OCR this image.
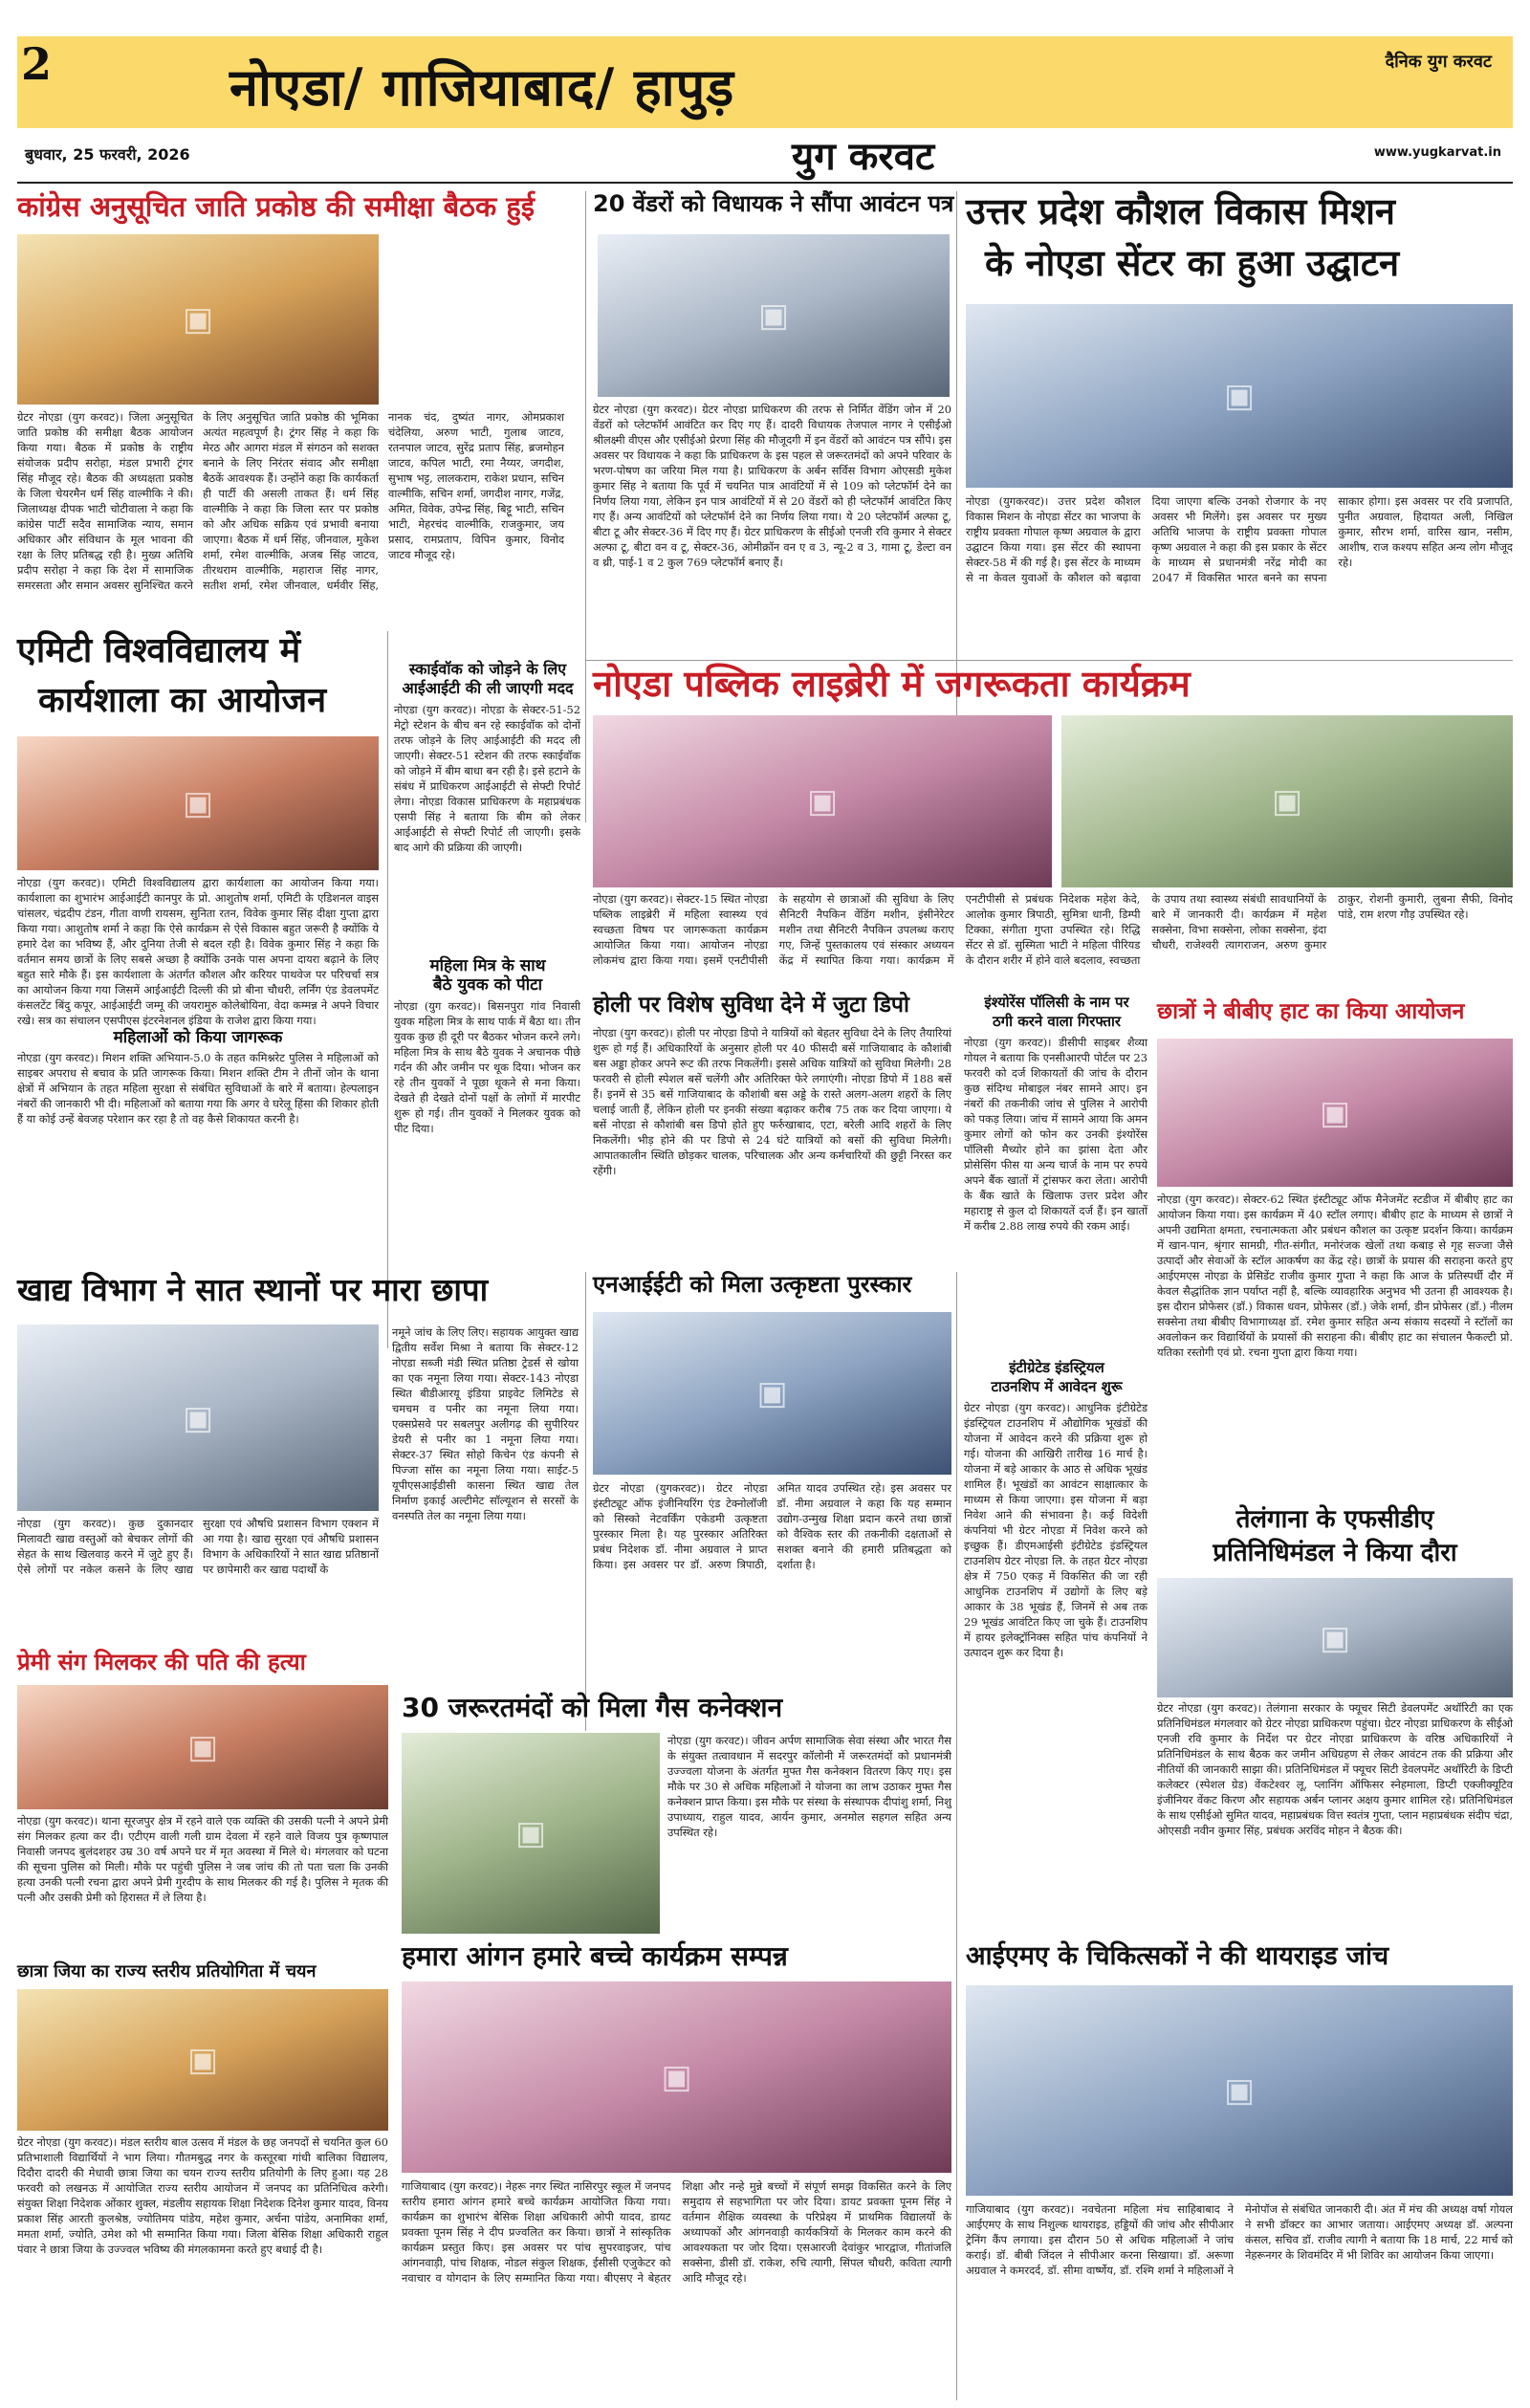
2	नोएडा/ गाजियाबाद/ हापुड़	दैनिक युग करवट
बुधवार, 25 फरवरी, 2026	युग करवट	www.yugkarvat.in
कांग्रेस अनुसूचित जाति प्रकोष्ठ की समीक्षा बैठक हुई
▣
ग्रेटर नोएडा (युग करवट)। जिला अनुसूचित जाति प्रकोष्ठ की समीक्षा बैठक आयोजन किया गया। बैठक में प्रकोष्ठ के राष्ट्रीय संयोजक प्रदीप सरोहा, मंडल प्रभारी ट्रंगर सिंह मौजूद रहे। बैठक की अध्यक्षता प्रकोष्ठ के जिला चेयरमैन धर्म सिंह वाल्मीकि ने की। जिलाध्यक्ष दीपक भाटी चोटीवाला ने कहा कि कांग्रेस पार्टी सदैव सामाजिक न्याय, समान अधिकार और संविधान के मूल भावना की रक्षा के लिए प्रतिबद्ध रही है। मुख्य अतिथि प्रदीप सरोहा ने कहा कि देश में सामाजिक समरसता और समान अवसर सुनिश्चित करने के लिए अनुसूचित जाति प्रकोष्ठ की भूमिका अत्यंत महत्वपूर्ण है। ट्रंगर सिंह ने कहा कि मेरठ और आगरा मंडल में संगठन को सशक्त बनाने के लिए निरंतर संवाद और समीक्षा बैठकें आवश्यक हैं। उन्होंने कहा कि कार्यकर्ता ही पार्टी की असली ताकत हैं। धर्म सिंह वाल्मीकि ने कहा कि जिला स्तर पर प्रकोष्ठ को और अधिक सक्रिय एवं प्रभावी बनाया जाएगा। बैठक में धर्म सिंह, जीनवाल, मुकेश शर्मा, रमेश वाल्मीकि, अजब सिंह जाटव, तीरथराम वाल्मीकि, महाराज सिंह नागर, सतीश शर्मा, रमेश जीनवाल, धर्मवीर सिंह, नानक चंद, दुष्यंत नागर, ओमप्रकाश चंदेलिया, अरुण भाटी, गुलाब जाटव, रतनपाल जाटव, सुरेंद्र प्रताप सिंह, ब्रजमोहन जाटव, कपिल भाटी, रमा नैय्यर, जगदीश, सुभाष भट्ट, लालकराम, राकेश प्रधान, सचिन वाल्मीकि, सचिन शर्मा, जगदीश नागर, गजेंद्र, अमित, विवेक, उपेन्द्र सिंह, बिट्टू भाटी, सचिन भाटी, मेहरचंद वाल्मीकि, राजकुमार, जय प्रसाद, रामप्रताप, विपिन कुमार, विनोद जाटव मौजूद रहे।
20 वेंडरों को विधायक ने सौंपा आवंटन पत्र
▣
ग्रेटर नोएडा (युग करवट)। ग्रेटर नोएडा प्राधिकरण की तरफ से निर्मित वेंडिंग जोन में 20 वेंडरों को प्लेटफॉर्म आवंटित कर दिए गए हैं। दादरी विधायक तेजपाल नागर ने एसीईओ श्रीलक्ष्मी वीएस और एसीईओ प्रेरणा सिंह की मौजूदगी में इन वेंडरों को आवंटन पत्र सौंपे। इस अवसर पर विधायक ने कहा कि प्राधिकरण के इस पहल से जरूरतमंदों को अपने परिवार के भरण-पोषण का जरिया मिल गया है। प्राधिकरण के अर्बन सर्विस विभाग ओएसडी मुकेश कुमार सिंह ने बताया कि पूर्व में चयनित पात्र आवंटियों में से 109 को प्लेटफॉर्म देने का निर्णय लिया गया, लेकिन इन पात्र आवंटियों में से 20 वेंडरों को ही प्लेटफॉर्म आवंटित किए गए हैं। अन्य आवंटियों को प्लेटफॉर्म देने का निर्णय लिया गया। ये 20 प्लेटफॉर्म अल्फा टू, बीटा टू और सेक्टर-36 में दिए गए हैं। ग्रेटर प्राधिकरण के सीईओ एनजी रवि कुमार ने सेक्टर अल्फा टू, बीटा वन व टू, सेक्टर-36, ओमीक्रॉन वन ए व 3, न्यू-2 व 3, गामा टू, डेल्टा वन व थ्री, पाई-1 व 2 कुल 769 प्लेटफॉर्म बनाए हैं।
उत्तर प्रदेश कौशल विकास मिशन
के नोएडा सेंटर का हुआ उद्घाटन
▣
नोएडा (युगकरवट)। उत्तर प्रदेश कौशल विकास मिशन के नोएडा सेंटर का भाजपा के राष्ट्रीय प्रवक्ता गोपाल कृष्ण अग्रवाल के द्वारा उद्घाटन किया गया। इस सेंटर की स्थापना सेक्टर-58 में की गई है। इस सेंटर के माध्यम से ना केवल युवाओं के कौशल को बढ़ावा दिया जाएगा बल्कि उनको रोजगार के नए अवसर भी मिलेंगे। इस अवसर पर मुख्य अतिथि भाजपा के राष्ट्रीय प्रवक्ता गोपाल कृष्ण अग्रवाल ने कहा की इस प्रकार के सेंटर के माध्यम से प्रधानमंत्री नरेंद्र मोदी का 2047 में विकसित भारत बनने का सपना साकार होगा। इस अवसर पर रवि प्रजापति, पुनीत अग्रवाल, हिदायत अली, निखिल कुमार, सौरभ शर्मा, वारिस खान, नसीम, आशीष, राज कश्यप सहित अन्य लोग मौजूद रहे।
एमिटी विश्वविद्यालय में
कार्यशाला का आयोजन
▣
नोएडा (युग करवट)। एमिटी विश्वविद्यालय द्वारा कार्यशाला का आयोजन किया गया। कार्यशाला का शुभारंभ आईआईटी कानपुर के प्रो. आशुतोष शर्मा, एमिटी के एडिशनल वाइस चांसलर, चंद्रदीप टंडन, गीता वाणी रायसम, सुनिता रतन, विवेक कुमार सिंह दीक्षा गुप्ता द्वारा किया गया। आशुतोष शर्मा ने कहा कि ऐसे कार्यक्रम से ऐसे विकास बहुत जरूरी है क्योंकि ये हमारे देश का भविष्य हैं, और दुनिया तेजी से बदल रही है। विवेक कुमार सिंह ने कहा कि वर्तमान समय छात्रों के लिए सबसे अच्छा है क्योंकि उनके पास अपना दायरा बढ़ाने के लिए बहुत सारे मौके हैं। इस कार्यशाला के अंतर्गत कौशल और करियर पाथवेज पर परिचर्चा सत्र का आयोजन किया गया जिसमें आईआईटी दिल्ली की प्रो बीना चौधरी, लर्निंग एंड डेवलपमेंट कंसलटेंट बिंदु कपूर, आईआईटी जम्मू की जयरामुरु कोलेबोयिना, वेदा कम्मन्न ने अपने विचार रखे। सत्र का संचालन एसपीएस इंटरनेशनल इंडिया के राजेश द्वारा किया गया।
महिलाओं को किया जागरूक
नोएडा (युग करवट)। मिशन शक्ति अभियान-5.0 के तहत कमिश्नरेट पुलिस ने महिलाओं को साइबर अपराध से बचाव के प्रति जागरूक किया। मिशन शक्ति टीम ने तीनों जोन के थाना क्षेत्रों में अभियान के तहत महिला सुरक्षा से संबंधित सुविधाओं के बारे में बताया। हेल्पलाइन नंबरों की जानकारी भी दी। महिलाओं को बताया गया कि अगर वे घरेलू हिंसा की शिकार होती हैं या कोई उन्हें बेवजह परेशान कर रहा है तो वह कैसे शिकायत करनी है।
स्काईवॉक को जोड़ने के लिए
आईआईटी की ली जाएगी मदद
नोएडा (युग करवट)। नोएडा के सेक्टर-51-52 मेट्रो स्टेशन के बीच बन रहे स्काईवॉक को दोनों तरफ जोड़ने के लिए आईआईटी की मदद ली जाएगी। सेक्टर-51 स्टेशन की तरफ स्काईवॉक को जोड़ने में बीम बाधा बन रही है। इसे हटाने के संबंध में प्राधिकरण आईआईटी से सेफ्टी रिपोर्ट लेगा। नोएडा विकास प्राधिकरण के महाप्रबंधक एसपी सिंह ने बताया कि बीम को लेकर आईआईटी से सेफ्टी रिपोर्ट ली जाएगी। इसके बाद आगे की प्रक्रिया की जाएगी।
महिला मित्र के साथ
बैठे युवक को पीटा
नोएडा (युग करवट)। बिसनपुरा गांव निवासी युवक महिला मित्र के साथ पार्क में बैठा था। तीन युवक कुछ ही दूरी पर बैठकर भोजन करने लगे। महिला मित्र के साथ बैठे युवक ने अचानक पीछे गर्दन की और जमीन पर थूक दिया। भोजन कर रहे तीन युवकों ने पूछा थूकने से मना किया। देखते ही देखते दोनों पक्षों के लोगों में मारपीट शुरू हो गई। तीन युवकों ने मिलकर युवक को पीट दिया।
नोएडा पब्लिक लाइब्रेरी में जगरूकता कार्यक्रम
▣	▣
नोएडा (युग करवट)। सेक्टर-15 स्थित नोएडा पब्लिक लाइब्रेरी में महिला स्वास्थ्य एवं स्वच्छता विषय पर जागरूकता कार्यक्रम आयोजित किया गया। आयोजन नोएडा लोकमंच द्वारा किया गया। इसमें एनटीपीसी के सहयोग से छात्राओं की सुविधा के लिए सैनिटरी नैपकिन वेंडिंग मशीन, इंसीनेरेटर मशीन तथा सैनिटरी नैपकिन उपलब्ध कराए गए, जिन्हें पुस्तकालय एवं संस्कार अध्ययन केंद्र में स्थापित किया गया। कार्यक्रम में एनटीपीसी से प्रबंधक निदेशक महेश केदे, आलोक कुमार त्रिपाठी, सुमित्रा धानी, डिम्पी टिक्का, संगीता गुप्ता उपस्थित रहे। रिद्धि सेंटर से डॉ. सुस्मिता भाटी ने महिला पीरियड के दौरान शरीर में होने वाले बदलाव, स्वच्छता के उपाय तथा स्वास्थ्य संबंधी सावधानियों के बारे में जानकारी दी। कार्यक्रम में महेश सक्सेना, विभा सक्सेना, लोका सक्सेना, इंदा चौधरी, राजेश्वरी त्यागराजन, अरुण कुमार ठाकुर, रोशनी कुमारी, लुबना सैफी, विनोद पांडे, राम शरण गौड़ उपस्थित रहे।
होली पर विशेष सुविधा देने में जुटा डिपो
नोएडा (युग करवट)। होली पर नोएडा डिपो ने यात्रियों को बेहतर सुविधा देने के लिए तैयारियां शुरू हो गई हैं। अधिकारियों के अनुसार होली पर 40 फीसदी बसें गाजियाबाद के कौशांबी बस अड्डा होकर अपने रूट की तरफ निकलेंगी। इससे अधिक यात्रियों को सुविधा मिलेगी। 28 फरवरी से होली स्पेशल बसें चलेंगी और अतिरिक्त फेरे लगाएंगी। नोएडा डिपो में 188 बसें हैं। इनमें से 35 बसें गाजियाबाद के कौशांबी बस अड्डे के रास्ते अलग-अलग शहरों के लिए चलाई जाती हैं, लेकिन होली पर इनकी संख्या बढ़ाकर करीब 75 तक कर दिया जाएगा। ये बसें नोएडा से कौशांबी बस डिपो होते हुए फर्रुखाबाद, एटा, बरेली आदि शहरों के लिए निकलेंगी। भीड़ होने की पर डिपो से 24 घंटे यात्रियों को बसों की सुविधा मिलेगी। आपातकालीन स्थिति छोड़कर चालक, परिचालक और अन्य कर्मचारियों की छुट्टी निरस्त कर रहेंगी।
इंश्योरेंस पॉलिसी के नाम पर
ठगी करने वाला गिरफ्तार
नोएडा (युग करवट)। डीसीपी साइबर शैव्या गोयल ने बताया कि एनसीआरपी पोर्टल पर 23 फरवरी को दर्ज शिकायतों की जांच के दौरान कुछ संदिग्ध मोबाइल नंबर सामने आए। इन नंबरों की तकनीकी जांच से पुलिस ने आरोपी को पकड़ लिया। जांच में सामने आया कि अमन कुमार लोगों को फोन कर उनकी इंश्योरेंस पॉलिसी मैच्योर होने का झांसा देता और प्रोसेसिंग फीस या अन्य चार्ज के नाम पर रुपये अपने बैंक खातों में ट्रांसफर करा लेता। आरोपी के बैंक खाते के खिलाफ उत्तर प्रदेश और महाराष्ट्र से कुल दो शिकायतें दर्ज हैं। इन खातों में करीब 2.88 लाख रुपये की रकम आई।
छात्रों ने बीबीए हाट का किया आयोजन
▣
नोएडा (युग करवट)। सेक्टर-62 स्थित इंस्टीट्यूट ऑफ मैनेजमेंट स्टडीज में बीबीए हाट का आयोजन किया गया। इस कार्यक्रम में 40 स्टॉल लगाए। बीबीए हाट के माध्यम से छात्रों ने अपनी उद्यमिता क्षमता, रचनात्मकता और प्रबंधन कौशल का उत्कृष्ट प्रदर्शन किया। कार्यक्रम में खान-पान, श्रृंगार सामग्री, गीत-संगीत, मनोरंजक खेलों तथा कबाड़ से गृह सज्जा जैसे उत्पादों और सेवाओं के स्टॉल आकर्षण का केंद्र रहे। छात्रों के प्रयास की सराहना करते हुए आईएमएस नोएडा के प्रेसिडेंट राजीव कुमार गुप्ता ने कहा कि आज के प्रतिस्पर्धी दौर में केवल सैद्धांतिक ज्ञान पर्याप्त नहीं है, बल्कि व्यावहारिक अनुभव भी उतना ही आवश्यक है। इस दौरान प्रोफेसर (डॉ.) विकास धवन, प्रोफेसर (डॉ.) जेके शर्मा, डीन प्रोफेसर (डॉ.) नीलम सक्सेना तथा बीबीए विभागाध्यक्ष डॉ. रमेश कुमार सहित अन्य संकाय सदस्यों ने स्टॉलों का अवलोकन कर विद्यार्थियों के प्रयासों की सराहना की। बीबीए हाट का संचालन फैकल्टी प्रो. यतिका रस्तोगी एवं प्रो. रचना गुप्ता द्वारा किया गया।
खाद्य विभाग ने सात स्थानों पर मारा छापा
▣
नोएडा (युग करवट)। कुछ दुकानदार मिलावटी खाद्य वस्तुओं को बेचकर लोगों की सेहत के साथ खिलवाड़ करने में जुटे हुए हैं। ऐसे लोगों पर नकेल कसने के लिए खाद्य सुरक्षा एवं औषधि प्रशासन विभाग एक्शन में आ गया है। खाद्य सुरक्षा एवं औषधि प्रशासन विभाग के अधिकारियों ने सात खाद्य प्रतिष्ठानों पर छापेमारी कर खाद्य पदार्थों के
नमूने जांच के लिए लिए। सहायक आयुक्त खाद्य द्वितीय सर्वेश मिश्रा ने बताया कि सेक्टर-12 नोएडा सब्जी मंडी स्थित प्रतिष्ठा ट्रेडर्स से खोया का एक नमूना लिया गया। सेक्टर-143 नोएडा स्थित बीडीआरयू इंडिया प्राइवेट लिमिटेड से चमचम व पनीर का नमूना लिया गया। एक्सप्रेसवे पर सबलपुर अलीगढ़ की सुपीरियर डेयरी से पनीर का 1 नमूना लिया गया। सेक्टर-37 स्थित सोहो किचेन एंड कंपनी से पिज्जा सॉस का नमूना लिया गया। साईट-5 यूपीएसआईडीसी कासना स्थित खाद्य तेल निर्माण इकाई अल्टीमेट सॉल्यूशन से सरसों के वनस्पति तेल का नमूना लिया गया।
एनआईईटी को मिला उत्कृष्टता पुरस्कार
▣
ग्रेटर नोएडा (युगकरवट)। ग्रेटर नोएडा इंस्टीट्यूट ऑफ इंजीनियरिंग एंड टेक्नोलॉजी को सिस्को नेटवर्किंग एकेडमी उत्कृष्टता पुरस्कार मिला है। यह पुरस्कार अतिरिक्त प्रबंध निदेशक डॉ. नीमा अग्रवाल ने प्राप्त किया। इस अवसर पर डॉ. अरुण त्रिपाठी, अमित यादव उपस्थित रहे। इस अवसर पर डॉ. नीमा अग्रवाल ने कहा कि यह सम्मान उद्योग-उन्मुख शिक्षा प्रदान करने तथा छात्रों को वैश्विक स्तर की तकनीकी दक्षताओं से सशक्त बनाने की हमारी प्रतिबद्धता को दर्शाता है।
इंटीग्रेटेड इंडस्ट्रियल
टाउनशिप में आवेदन शुरू
ग्रेटर नोएडा (युग करवट)। आधुनिक इंटीग्रेटेड इंडस्ट्रियल टाउनशिप में औद्योगिक भूखंडों की योजना में आवेदन करने की प्रक्रिया शुरू हो गई। योजना की आखिरी तारीख 16 मार्च है। योजना में बड़े आकार के आठ से अधिक भूखंड शामिल हैं। भूखंडों का आवंटन साक्षात्कार के माध्यम से किया जाएगा। इस योजना में बड़ा निवेश आने की संभावना है। कई विदेशी कंपनियां भी ग्रेटर नोएडा में निवेश करने को इच्छुक हैं। डीएमआईसी इंटीग्रेटेड इंडस्ट्रियल टाउनशिप ग्रेटर नोएडा लि. के तहत ग्रेटर नोएडा क्षेत्र में 750 एकड़ में विकसित की जा रही आधुनिक टाउनशिप में उद्योगों के लिए बड़े आकार के 38 भूखंड हैं, जिनमें से अब तक 29 भूखंड आवंटित किए जा चुके हैं। टाउनशिप में हायर इलेक्ट्रॉनिक्स सहित पांच कंपनियों ने उत्पादन शुरू कर दिया है।
तेलंगाना के एफसीडीए
प्रतिनिधिमंडल ने किया दौरा
▣
ग्रेटर नोएडा (युग करवट)। तेलंगाना सरकार के फ्यूचर सिटी डेवलपमेंट अथॉरिटी का एक प्रतिनिधिमंडल मंगलवार को ग्रेटर नोएडा प्राधिकरण पहुंचा। ग्रेटर नोएडा प्राधिकरण के सीईओ एनजी रवि कुमार के निर्देश पर ग्रेटर नोएडा प्राधिकरण के वरिष्ठ अधिकारियों ने प्रतिनिधिमंडल के साथ बैठक कर जमीन अधिग्रहण से लेकर आवंटन तक की प्रक्रिया और नीतियों की जानकारी साझा की। प्रतिनिधिमंडल में फ्यूचर सिटी डेवलपमेंट अथॉरिटी के डिप्टी कलेक्टर (स्पेशल ग्रेड) वेंकटेश्वर लू, प्लानिंग ऑफिसर स्नेहमाला, डिप्टी एक्जीक्यूटिव इंजीनियर वेंकट किरण और सहायक अर्बन प्लानर अक्षय कुमार शामिल रहे। प्रतिनिधिमंडल के साथ एसीईओ सुमित यादव, महाप्रबंधक वित्त स्वतंत्र गुप्ता, प्लान महाप्रबंधक संदीप चंद्रा, ओएसडी नवीन कुमार सिंह, प्रबंधक अरविंद मोहन ने बैठक की।
प्रेमी संग मिलकर की पति की हत्या
▣
नोएडा (युग करवट)। थाना सूरजपुर क्षेत्र में रहने वाले एक व्यक्ति की उसकी पत्नी ने अपने प्रेमी संग मिलकर हत्या कर दी। एटीएम वाली गली ग्राम देवला में रहने वाले विजय पुत्र कृष्णपाल निवासी जनपद बुलंदशहर उम्र 30 वर्ष अपने घर में मृत अवस्था में मिले थे। मंगलवार को घटना की सूचना पुलिस को मिली। मौके पर पहुंची पुलिस ने जब जांच की तो पता चला कि उनकी हत्या उनकी पत्नी रचना द्वारा अपने प्रेमी गुरदीप के साथ मिलकर की गई है। पुलिस ने मृतक की पत्नी और उसकी प्रेमी को हिरासत में ले लिया है।
30 जरूरतमंदों को मिला गैस कनेक्शन
▣
नोएडा (युग करवट)। जीवन अर्पण सामाजिक सेवा संस्था और भारत गैस के संयुक्त तत्वावधान में सदरपुर कॉलोनी में जरूरतमंदों को प्रधानमंत्री उज्ज्वला योजना के अंतर्गत मुफ्त गैस कनेक्शन वितरण किए गए। इस मौके पर 30 से अधिक महिलाओं ने योजना का लाभ उठाकर मुफ्त गैस कनेक्शन प्राप्त किया। इस मौके पर संस्था के संस्थापक दीपांशु शर्मा, निशु उपाध्याय, राहुल यादव, आर्यन कुमार, अनमोल सहगल सहित अन्य उपस्थित रहे।
छात्रा जिया का राज्य स्तरीय प्रतियोगिता में चयन
▣
ग्रेटर नोएडा (युग करवट)। मंडल स्तरीय बाल उत्सव में मंडल के छह जनपदों से चयनित कुल 60 प्रतिभाशाली विद्यार्थियों ने भाग लिया। गौतमबुद्ध नगर के कस्तूरबा गांधी बालिका विद्यालय, दिदौरा दादरी की मेधावी छात्रा जिया का चयन राज्य स्तरीय प्रतियोगी के लिए हुआ। यह 28 फरवरी को लखनऊ में आयोजित राज्य स्तरीय आयोजन में जनपद का प्रतिनिधित्व करेगी। संयुक्त शिक्षा निदेशक ओंकार शुक्ल, मंडलीय सहायक शिक्षा निदेशक दिनेश कुमार यादव, विनय प्रकाश सिंह आरती कुलश्रेष्ठ, ज्योतिमय पांडेय, महेश कुमार, अर्चना पांडेय, अनामिका शर्मा, ममता शर्मा, ज्योति, उमेश को भी सम्मानित किया गया। जिला बेसिक शिक्षा अधिकारी राहुल पंवार ने छात्रा जिया के उज्ज्वल भविष्य की मंगलकामना करते हुए बधाई दी है।
हमारा आंगन हमारे बच्चे कार्यक्रम सम्पन्न
▣
गाजियाबाद (युग करवट)। नेहरू नगर स्थित नासिरपुर स्कूल में जनपद स्तरीय हमारा आंगन हमारे बच्चे कार्यक्रम आयोजित किया गया। कार्यक्रम का शुभारंभ बेसिक शिक्षा अधिकारी ओपी यादव, डायट प्रवक्ता पूनम सिंह ने दीप प्रज्वलित कर किया। छात्रों ने सांस्कृतिक कार्यक्रम प्रस्तुत किए। इस अवसर पर पांच सुपरवाइजर, पांच आंगनवाड़ी, पांच शिक्षक, नोडल संकुल शिक्षक, ईसीसी एजुकेटर को नवाचार व योगदान के लिए सम्मानित किया गया। बीएसए ने बेहतर शिक्षा और नन्हे मुन्ने बच्चों में संपूर्ण समझ विकसित करने के लिए समुदाय से सहभागिता पर जोर दिया। डायट प्रवक्ता पूनम सिंह ने वर्तमान शैक्षिक व्यवस्था के परिप्रेक्ष्य में प्राथमिक विद्यालयों के अध्यापकों और आंगनवाड़ी कार्यकत्रियों के मिलकर काम करने की आवश्यकता पर जोर दिया। एसआरजी देवांकुर भारद्वाज, गीतांजलि सक्सेना, डीसी डॉ. राकेश, रुचि त्यागी, सिंपल चौधरी, कविता त्यागी आदि मौजूद रहे।
आईएमए के चिकित्सकों ने की थायराइड जांच
▣
गाजियाबाद (युग करवट)। नवचेतना महिला मंच साहिबाबाद ने आईएमए के साथ निशुल्क थायराइड, हड्डियों की जांच और सीपीआर ट्रेनिंग कैंप लगाया। इस दौरान 50 से अधिक महिलाओं ने जांच कराई। डॉ. बीबी जिंदल ने सीपीआर करना सिखाया। डॉ. अरूणा अग्रवाल ने कमरदर्द, डॉ. सीमा वार्ष्णेय, डॉ. रश्मि शर्मा ने महिलाओं ने मेनोपॉज से संबंधित जानकारी दी। अंत में मंच की अध्यक्ष वर्षा गोयल ने सभी डॉक्टर का आभार जताया। आईएमए अध्यक्ष डॉ. अल्पना कंसल, सचिव डॉ. राजीव त्यागी ने बताया कि 18 मार्च, 22 मार्च को नेहरूनगर के शिवमंदिर में भी शिविर का आयोजन किया जाएगा।
